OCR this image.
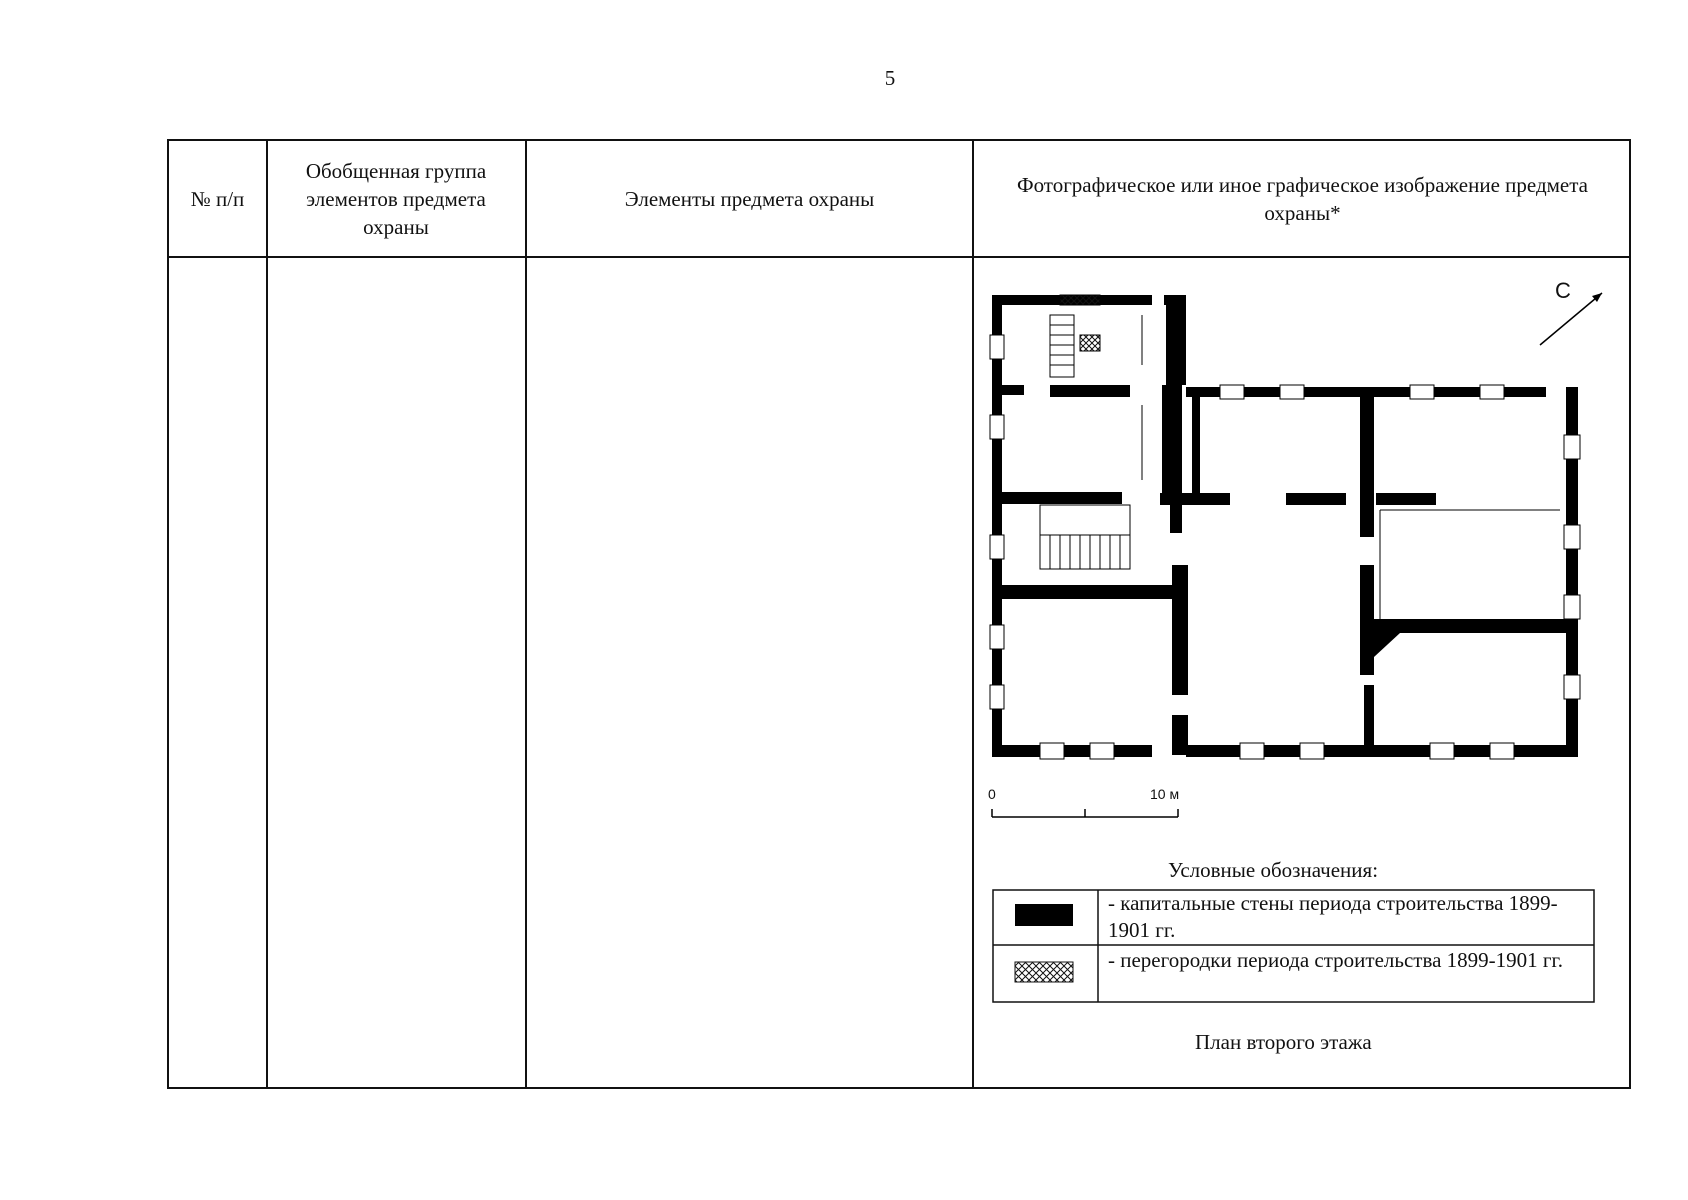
5
№ п/п
Обобщенная группа элементов предмета охраны
Элементы предмета охраны
Фотографическое или иное графическое изображение предмета охраны*
С
0	10 м
Условные обозначения:
- капитальные стены периода строительства 1899-1901 гг.
- перегородки периода строительства 1899-1901 гг.
План второго этажа
